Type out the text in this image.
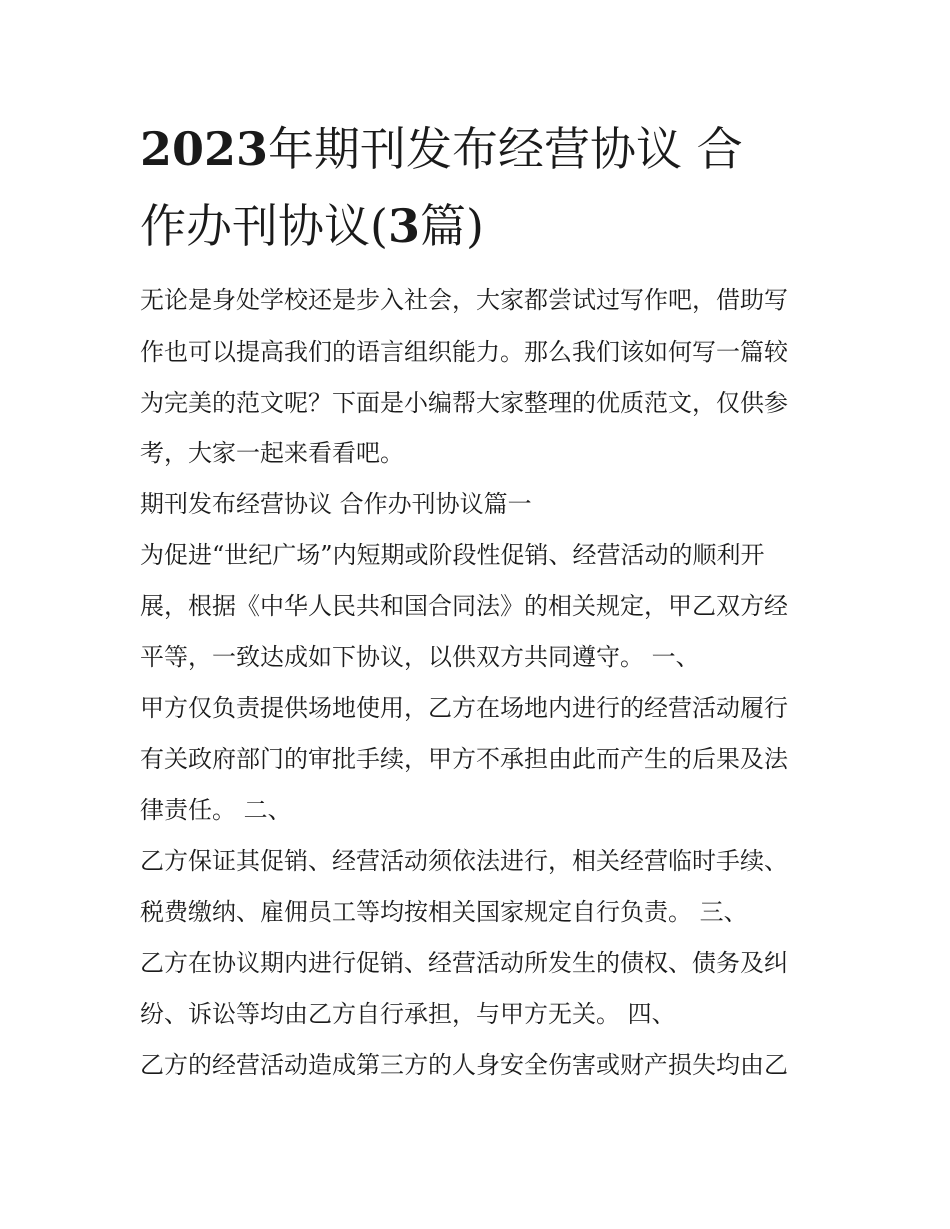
2023年期刊发布经营协议 合
作办刊协议(3篇)
无论是身处学校还是步入社会，大家都尝试过写作吧，借助写
作也可以提高我们的语言组织能力。那么我们该如何写一篇较
为完美的范文呢？下面是小编帮大家整理的优质范文，仅供参
考，大家一起来看看吧。
期刊发布经营协议 合作办刊协议篇一
为促进“世纪广场”内短期或阶段性促销、经营活动的顺利开
展，根据《中华人民共和国合同法》的相关规定，甲乙双方经
平等，一致达成如下协议，以供双方共同遵守。 一、
甲方仅负责提供场地使用，乙方在场地内进行的经营活动履行
有关政府部门的审批手续，甲方不承担由此而产生的后果及法
律责任。 二、
乙方保证其促销、经营活动须依法进行，相关经营临时手续、
税费缴纳、雇佣员工等均按相关国家规定自行负责。 三、
乙方在协议期内进行促销、经营活动所发生的债权、债务及纠
纷、诉讼等均由乙方自行承担，与甲方无关。 四、
乙方的经营活动造成第三方的人身安全伤害或财产损失均由乙
